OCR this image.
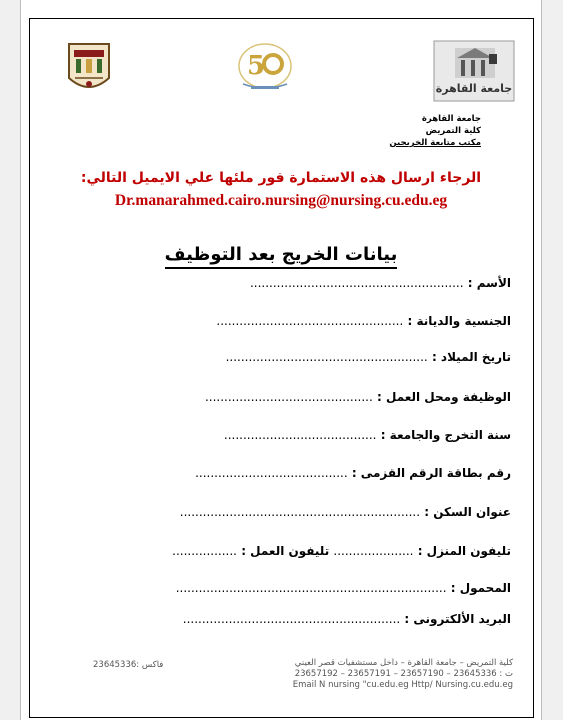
5
جامعة القاهرة
جامعة القاهرة
كلية التمريض
مكتب متابعة الخريجين
الرجاء ارسال هذه الاستمارة فور ملئها علي الايميل التالي:
Dr.manarahmed.cairo.nursing@nursing.cu.edu.eg
بيانات الخريج بعد التوظيف
الأسم : ........................................................
الجنسية والديانة : .................................................
تاريخ الميلاد : .....................................................
الوظيفة ومحل العمل : ............................................
سنة التخرج والجامعة : ........................................
رقم بطاقة الرقم القزمى : ........................................
عنوان السكن : ...............................................................
تليفون المنزل : ..................... تليفون العمل : .................
المحمول : .......................................................................
البريد الألكترونى : .........................................................
كلية التمريض – جامعة القاهرة – داخل مستشفيات قصر العيني
ت : 23645336 – 23657190 – 23657191 – 23657192
Email N nursing "cu.edu.eg Http/ Nursing.cu.edu.eg
فاكس :23645336
